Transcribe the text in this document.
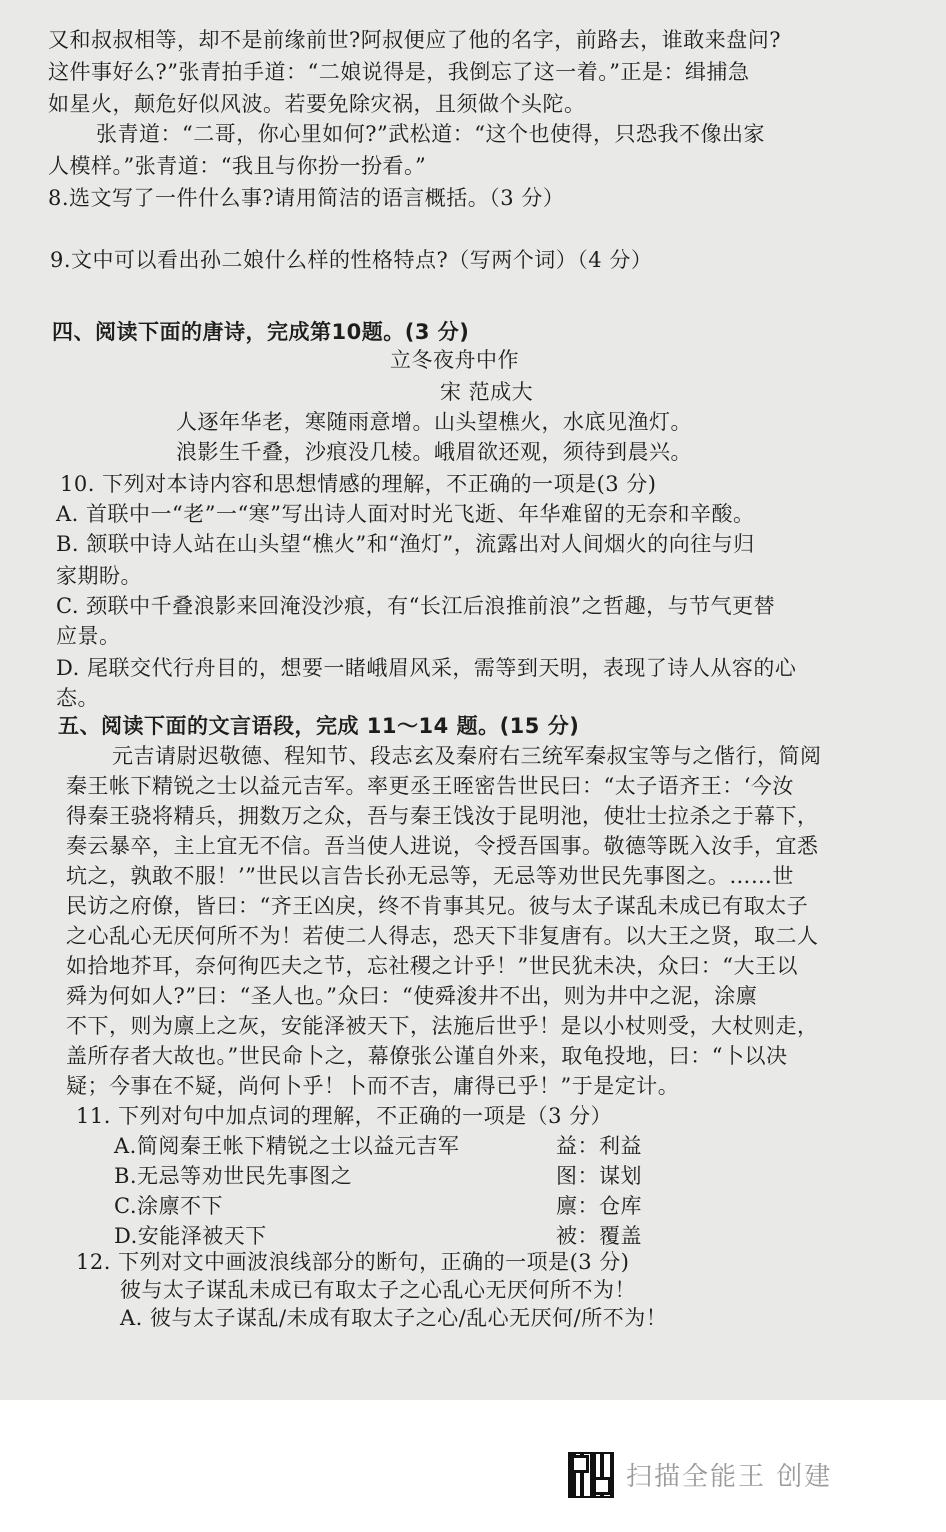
又和叔叔相等，却不是前缘前世?阿叔便应了他的名字，前路去，谁敢来盘问?
这件事好么?”张青拍手道：“二娘说得是，我倒忘了这一着。”正是：缉捕急
如星火，颠危好似风波。若要免除灾祸，且须做个头陀。
张青道：“二哥，你心里如何?”武松道：“这个也使得，只恐我不像出家
人模样。”张青道：“我且与你扮一扮看。”
8.选文写了一件什么事?请用简洁的语言概括。（3 分）
9.文中可以看出孙二娘什么样的性格特点?（写两个词）（4 分）
四、阅读下面的唐诗，完成第10题。(3 分)
立冬夜舟中作
宋 范成大
人逐年华老，寒随雨意增。山头望樵火，水底见渔灯。
浪影生千叠，沙痕没几棱。峨眉欲还观，须待到晨兴。
10. 下列对本诗内容和思想情感的理解，不正确的一项是(3 分)
A. 首联中一“老”一“寒”写出诗人面对时光飞逝、年华难留的无奈和辛酸。
B. 颔联中诗人站在山头望“樵火”和“渔灯”，流露出对人间烟火的向往与归
家期盼。
C. 颈联中千叠浪影来回淹没沙痕，有“长江后浪推前浪”之哲趣，与节气更替
应景。
D. 尾联交代行舟目的，想要一睹峨眉风采，需等到天明，表现了诗人从容的心
态。
五、阅读下面的文言语段，完成 11～14 题。(15 分)
元吉请尉迟敬德、程知节、段志玄及秦府右三统军秦叔宝等与之偕行，简阅
秦王帐下精锐之士以益元吉军。率更丞王晊密告世民曰：“太子语齐王：‘今汝
得秦王骁将精兵，拥数万之众，吾与秦王饯汝于昆明池，使壮士拉杀之于幕下，
奏云暴卒，主上宜无不信。吾当使人进说，令授吾国事。敬德等既入汝手，宜悉
坑之，孰敢不服！’”世民以言告长孙无忌等，无忌等劝世民先事图之。……世
民访之府僚，皆曰：“齐王凶戾，终不肯事其兄。彼与太子谋乱未成已有取太子
之心乱心无厌何所不为！若使二人得志，恐天下非复唐有。以大王之贤，取二人
如拾地芥耳，奈何徇匹夫之节，忘社稷之计乎！”世民犹未决，众曰：“大王以
舜为何如人?”曰：“圣人也。”众曰：“使舜浚井不出，则为井中之泥，涂廪
不下，则为廪上之灰，安能泽被天下，法施后世乎！是以小杖则受，大杖则走，
盖所存者大故也。”世民命卜之，幕僚张公谨自外来，取龟投地，曰：“卜以决
疑；今事在不疑，尚何卜乎！卜而不吉，庸得已乎！”于是定计。
11. 下列对句中加点词的理解，不正确的一项是（3 分）
A.简阅秦王帐下精锐之士以益元吉军
B.无忌等劝世民先事图之
C.涂廪不下
D.安能泽被天下
益：利益
图：谋划
廪：仓库
被：覆盖
12. 下列对文中画波浪线部分的断句，正确的一项是(3 分)
彼与太子谋乱未成已有取太子之心乱心无厌何所不为！
A. 彼与太子谋乱/未成有取太子之心/乱心无厌何/所不为！
扫描全能王 创建
